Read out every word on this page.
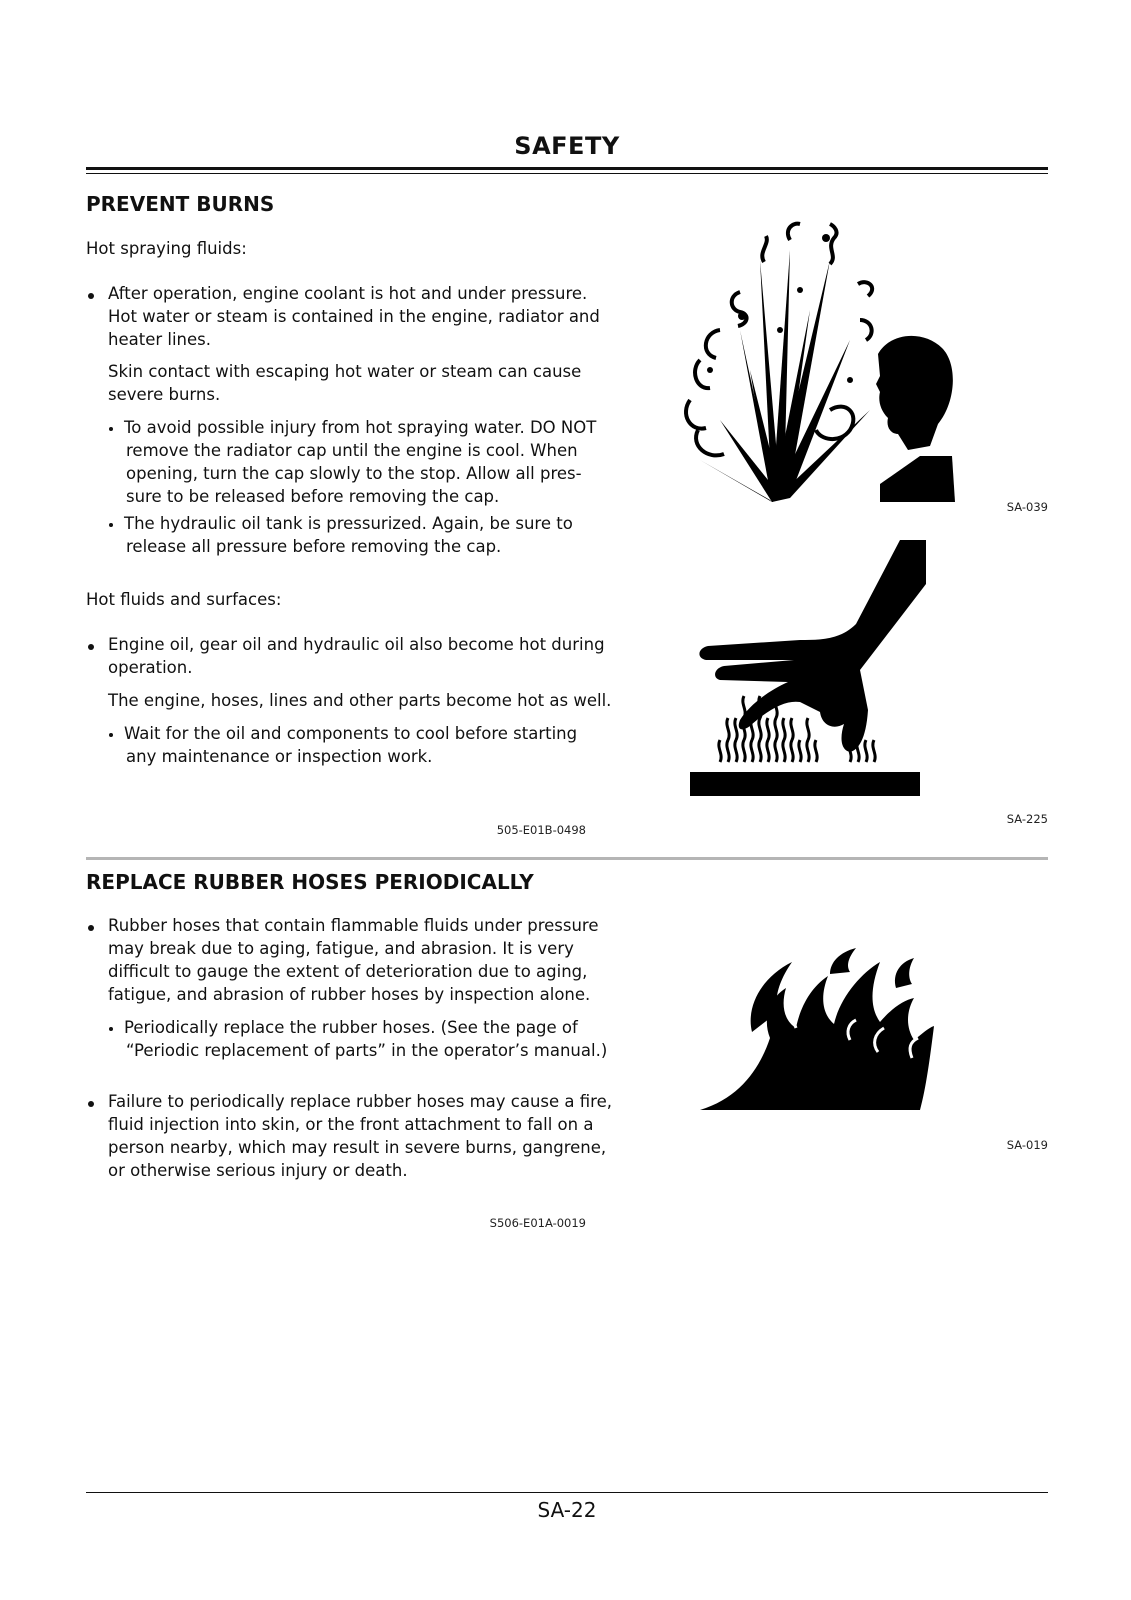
SAFETY
PREVENT BURNS
Hot spraying fluids:
After operation, engine coolant is hot and under pressure.
Hot water or steam is contained in the engine, radiator and
heater lines.
Skin contact with escaping hot water or steam can cause
severe burns.
To avoid possible injury from hot spraying water. DO NOT
remove the radiator cap until the engine is cool. When
opening, turn the cap slowly to the stop. Allow all pres-
sure to be released before removing the cap.
The hydraulic oil tank is pressurized. Again, be sure to
release all pressure before removing the cap.
Hot fluids and surfaces:
Engine oil, gear oil and hydraulic oil also become hot during
operation.
The engine, hoses, lines and other parts become hot as well.
Wait for the oil and components to cool before starting
any maintenance or inspection work.
505-E01B-0498
SA-039
SA-225
REPLACE RUBBER HOSES PERIODICALLY
Rubber hoses that contain flammable fluids under pressure
may break due to aging, fatigue, and abrasion. It is very
difficult to gauge the extent of deterioration due to aging,
fatigue, and abrasion of rubber hoses by inspection alone.
Periodically replace the rubber hoses. (See the page of
“Periodic replacement of parts” in the operator’s manual.)
Failure to periodically replace rubber hoses may cause a fire,
fluid injection into skin, or the front attachment to fall on a
person nearby, which may result in severe burns, gangrene,
or otherwise serious injury or death.
S506-E01A-0019
SA-019
SA-22
